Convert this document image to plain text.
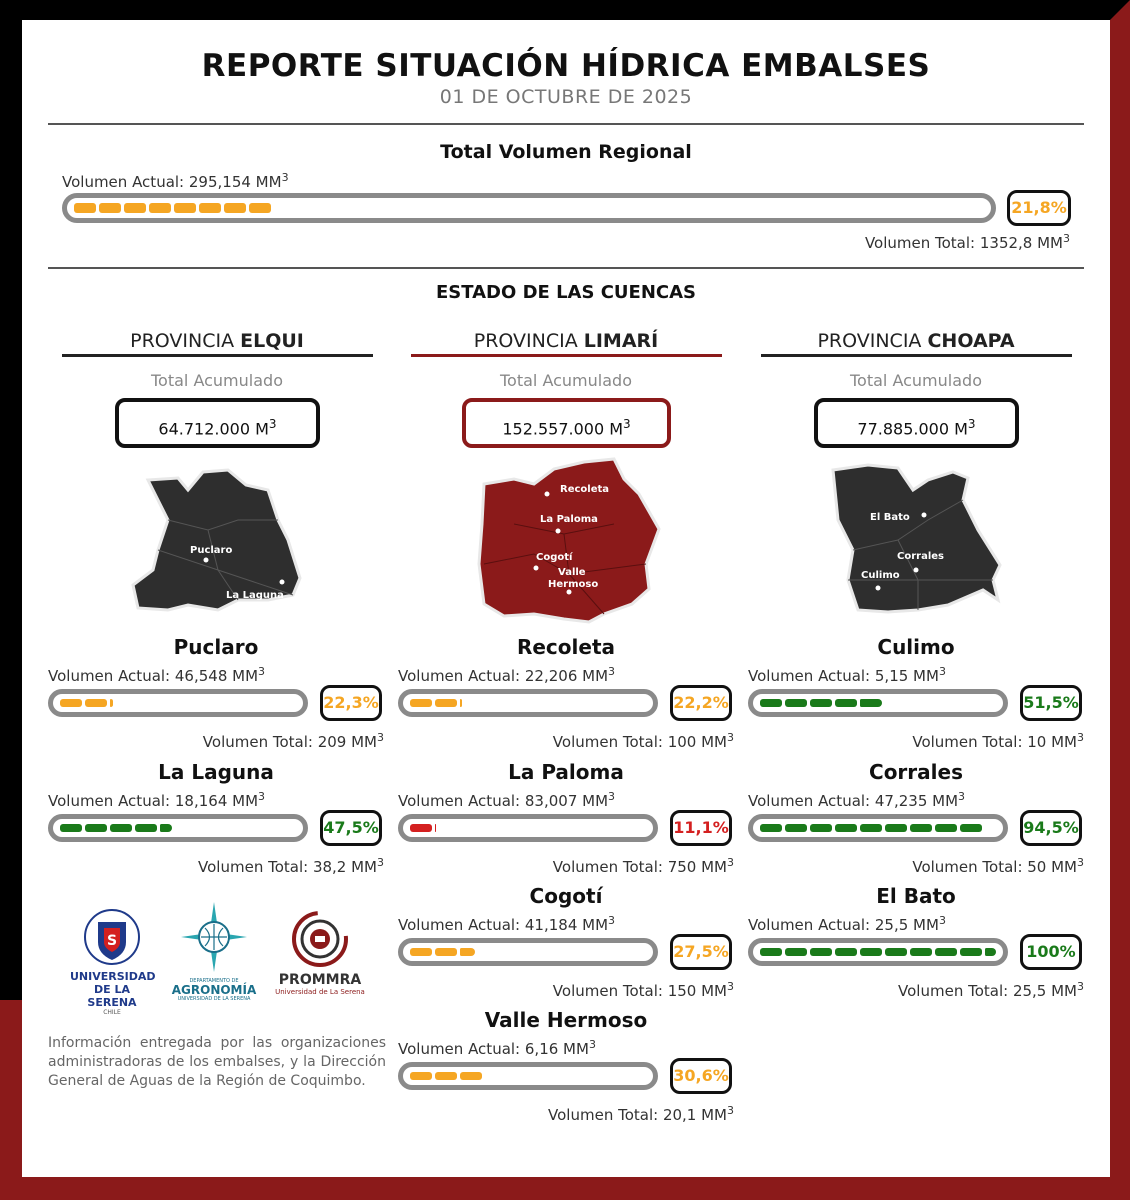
REPORTE SITUACIÓN HÍDRICA EMBALSES
01 DE OCTUBRE DE 2025
Total Volumen Regional
Volumen Actual: 295,154 $MM^3$
21,8%
Volumen Total: 1352,8 $MM^3$
ESTADO DE LAS CUENCAS
PROVINCIA ELQUI	PROVINCIA LIMARÍ	PROVINCIA CHOAPA
Total Acumulado	Total Acumulado	Total Acumulado
64.712.000 $M^3$	152.557.000 $M^3$	77.885.000 $M^3$
Puclaro
La Laguna
Recoleta
La Paloma
Cogotí
Valle
Hermoso
El Bato
Corrales
Culimo
Puclaro
Volumen Actual: 46,548 $MM^3$
22,3%
Volumen Total: 209 $MM^3$
La Laguna
Volumen Actual: 18,164 $MM^3$
47,5%
Volumen Total: 38,2 $MM^3$
Recoleta
Volumen Actual: 22,206 $MM^3$
22,2%
Volumen Total: 100 $MM^3$
La Paloma
Volumen Actual: 83,007 $MM^3$
11,1%
Volumen Total: 750 $MM^3$
Cogotí
Volumen Actual: 41,184 $MM^3$
27,5%
Volumen Total: 150 $MM^3$
Valle Hermoso
Volumen Actual: 6,16 $MM^3$
30,6%
Volumen Total: 20,1 $MM^3$
Culimo
Volumen Actual: 5,15 $MM^3$
51,5%
Volumen Total: 10 $MM^3$
Corrales
Volumen Actual: 47,235 $MM^3$
94,5%
Volumen Total: 50 $MM^3$
El Bato
Volumen Actual: 25,5 $MM^3$
100%
Volumen Total: 25,5 $MM^3$
S
UNIVERSIDAD
DE LA SERENA
CHILE
DEPARTAMENTO DE
AGRONOMÍA
UNIVERSIDAD DE LA SERENA
PROMMRA
Universidad de La Serena
Información entregada por las organizaciones administradoras de los embalses, y la Dirección General de Aguas de la Región de Coquimbo.
